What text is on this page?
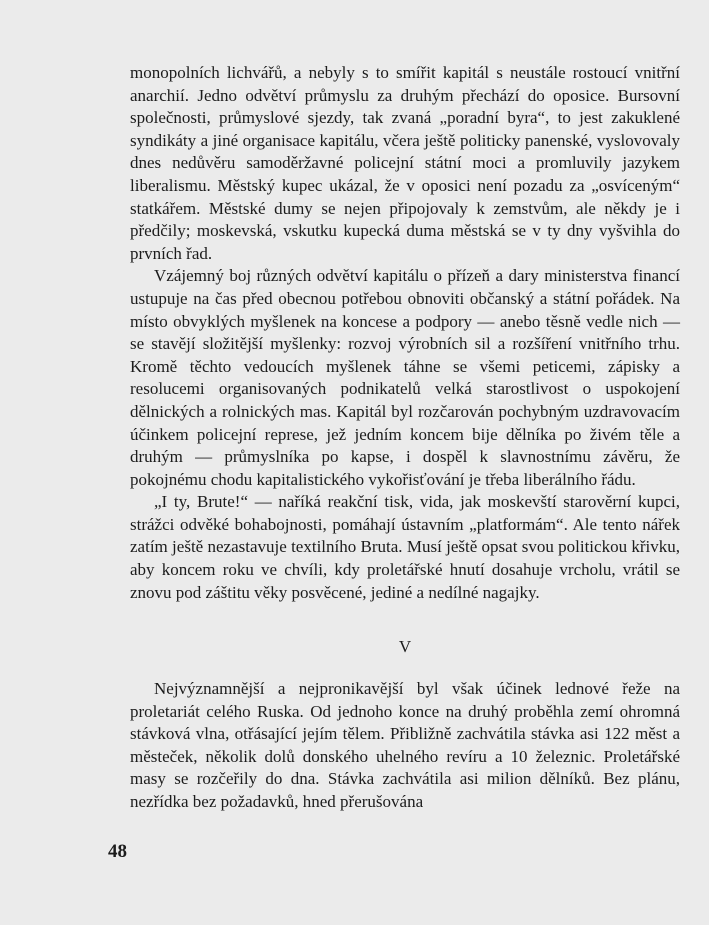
monopolních lichvářů, a nebyly s to smířit kapitál s neustále rostoucí vnitřní anarchií. Jedno odvětví průmyslu za druhým přechází do oposice. Bursovní společnosti, průmyslové sjezdy, tak zvaná „poradní byra“, to jest zakuklené syndikáty a jiné organisace kapitálu, včera ještě politicky panenské, vyslovovaly dnes nedůvěru samoděržavné policejní státní moci a promluvily jazykem liberalismu. Městský kupec ukázal, že v oposici není pozadu za „osvíceným“ statkářem. Městské dumy se nejen připojovaly k zemstvům, ale někdy je i předčily; moskevská, vskutku kupecká duma městská se v ty dny vyšvihla do prvních řad.

Vzájemný boj různých odvětví kapitálu o přízeň a dary ministerstva financí ustupuje na čas před obecnou potřebou obnoviti občanský a státní pořádek. Na místo obvyklých myšlenek na koncese a podpory — anebo těsně vedle nich — se stavějí složitější myšlenky: rozvoj výrobních sil a rozšíření vnitřního trhu. Kromě těchto vedoucích myšlenek táhne se všemi peticemi, zápisky a resolucemi organisovaných podnikatelů velká starostlivost o uspokojení dělnických a rolnických mas. Kapitál byl rozčarován pochybným uzdravovacím účinkem policejní represe, jež jedním koncem bije dělníka po živém těle a druhým — průmyslníka po kapse, i dospěl k slavnostnímu závěru, že pokojnému chodu kapitalistického vykořisťování je třeba liberálního řádu.

„I ty, Brute!“ — naříká reakční tisk, vida, jak moskevští starověrní kupci, strážci odvěké bohabojnosti, pomáhají ústavním „platformám“. Ale tento nářek zatím ještě nezastavuje textilního Bruta. Musí ještě opsat svou politickou křivku, aby koncem roku ve chvíli, kdy proletářské hnutí dosahuje vrcholu, vrátil se znovu pod záštitu věky posvěcené, jediné a nedílné nagajky.

V

Nejvýznamnější a nejpronikavější byl však účinek lednové řeže na proletariát celého Ruska. Od jednoho konce na druhý proběhla zemí ohromná stávková vlna, otřásající jejím tělem. Přibližně zachvátila stávka asi 122 měst a městeček, několik dolů donského uhelného revíru a 10 železnic. Proletářské masy se rozčeřily do dna. Stávka zachvátila asi milion dělníků. Bez plánu, nezřídka bez požadavků, hned přerušována

48
